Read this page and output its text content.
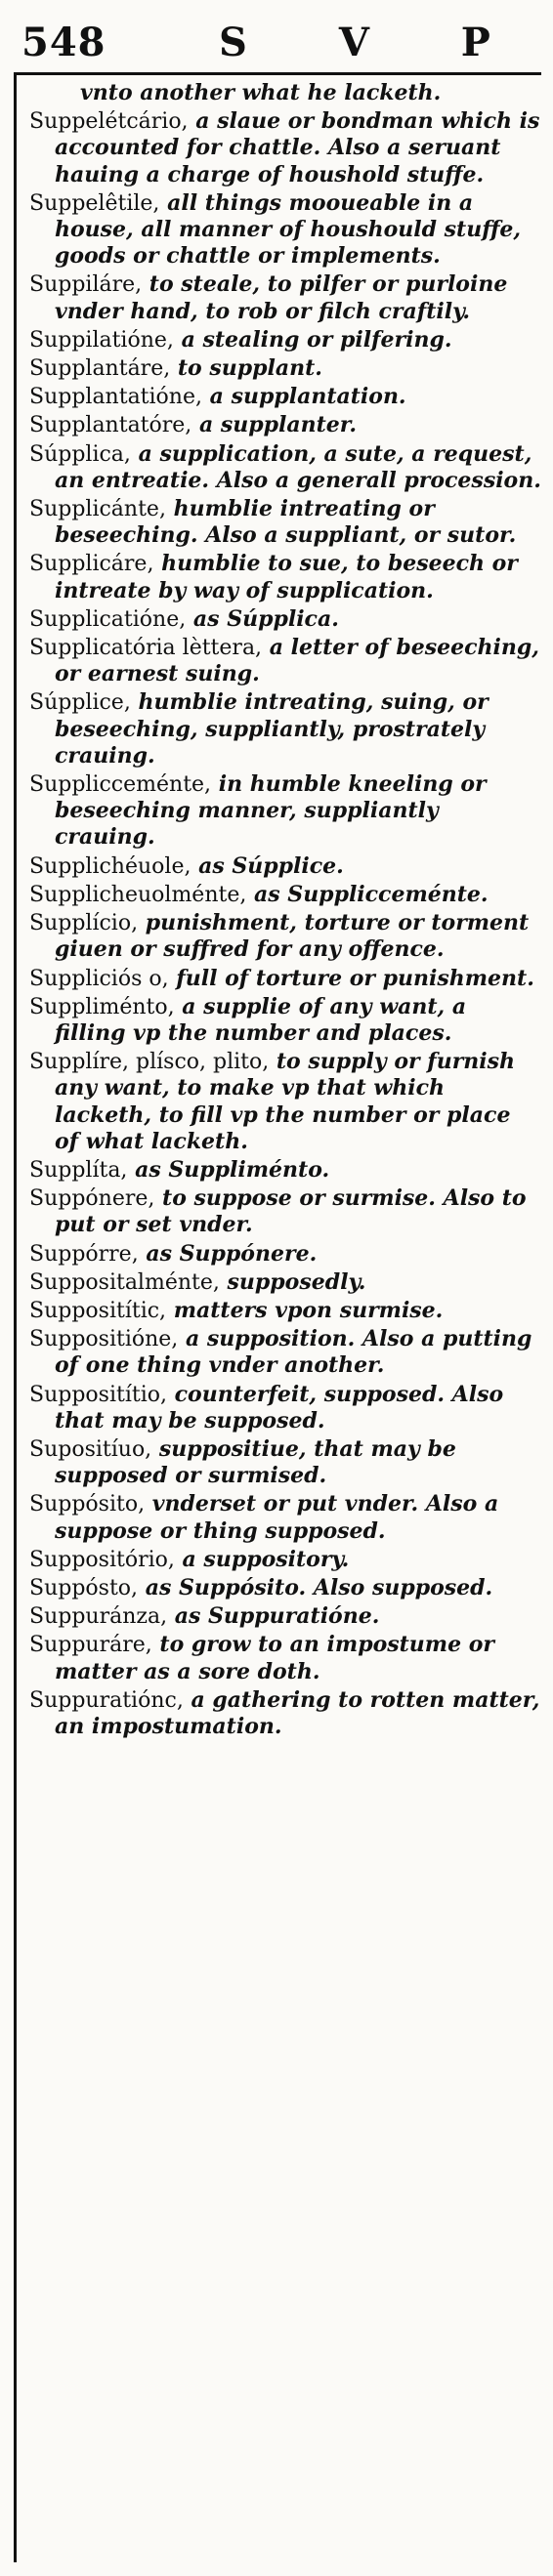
548	S V P

vnto another what he lacketh.

Suppelétcário, a slaue or bondman which is accounted for chattle. Also a seruant hauing a charge of houshold stuffe.

Suppelêtile, all things mooueable in a house, all manner of houshould stuffe, goods or chattle or implements.

Suppiláre, to steale, to pilfer or purloine vnder hand, to rob or filch craftily.

Suppilatióne, a stealing or pilfering.

Supplantáre, to supplant.

Supplantatióne, a supplantation.

Supplantatóre, a supplanter.

Súpplica, a supplication, a sute, a request, an entreatie. Also a generall procession.

Supplicánte, humblie intreating or beseeching. Also a suppliant, or sutor.

Supplicáre, humblie to sue, to beseech or intreate by way of supplication.

Supplicatióne, as Súpplica.

Supplicatória lèttera, a letter of beseeching, or earnest suing.

Súpplice, humblie intreating, suing, or beseeching, suppliantly, prostrately crauing.

Supplicceménte, in humble kneeling or beseeching manner, suppliantly crauing.

Supplichéuole, as Súpplice.

Supplicheuolménte, as Supplicceménte.

Supplício, punishment, torture or torment giuen or suffred for any offence.

Suppliciós o, full of torture or punishment.

Suppliménto, a supplie of any want, a filling vp the number and places.

Supplíre, plísco, plito, to supply or furnish any want, to make vp that which lacketh, to fill vp the number or place of what lacketh.

Supplíta, as Suppliménto.

Suppónere, to suppose or surmise. Also to put or set vnder.

Suppórre, as Suppónere.

Suppositalménte, supposedly.

Suppositític, matters vpon surmise.

Suppositióne, a supposition. Also a putting of one thing vnder another.

Suppositítio, counterfeit, supposed. Also that may be supposed.

Supositíuo, suppositiue, that may be supposed or surmised.

Suppósito, vnderset or put vnder. Also a suppose or thing supposed.

Suppositório, a suppository.

Suppósto, as Suppósito. Also supposed.

Suppuránza, as Suppuratióne.

Suppuráre, to grow to an impostume or matter as a sore doth.

Suppuratiónc, a gathering to rotten matter, an impostumation.
